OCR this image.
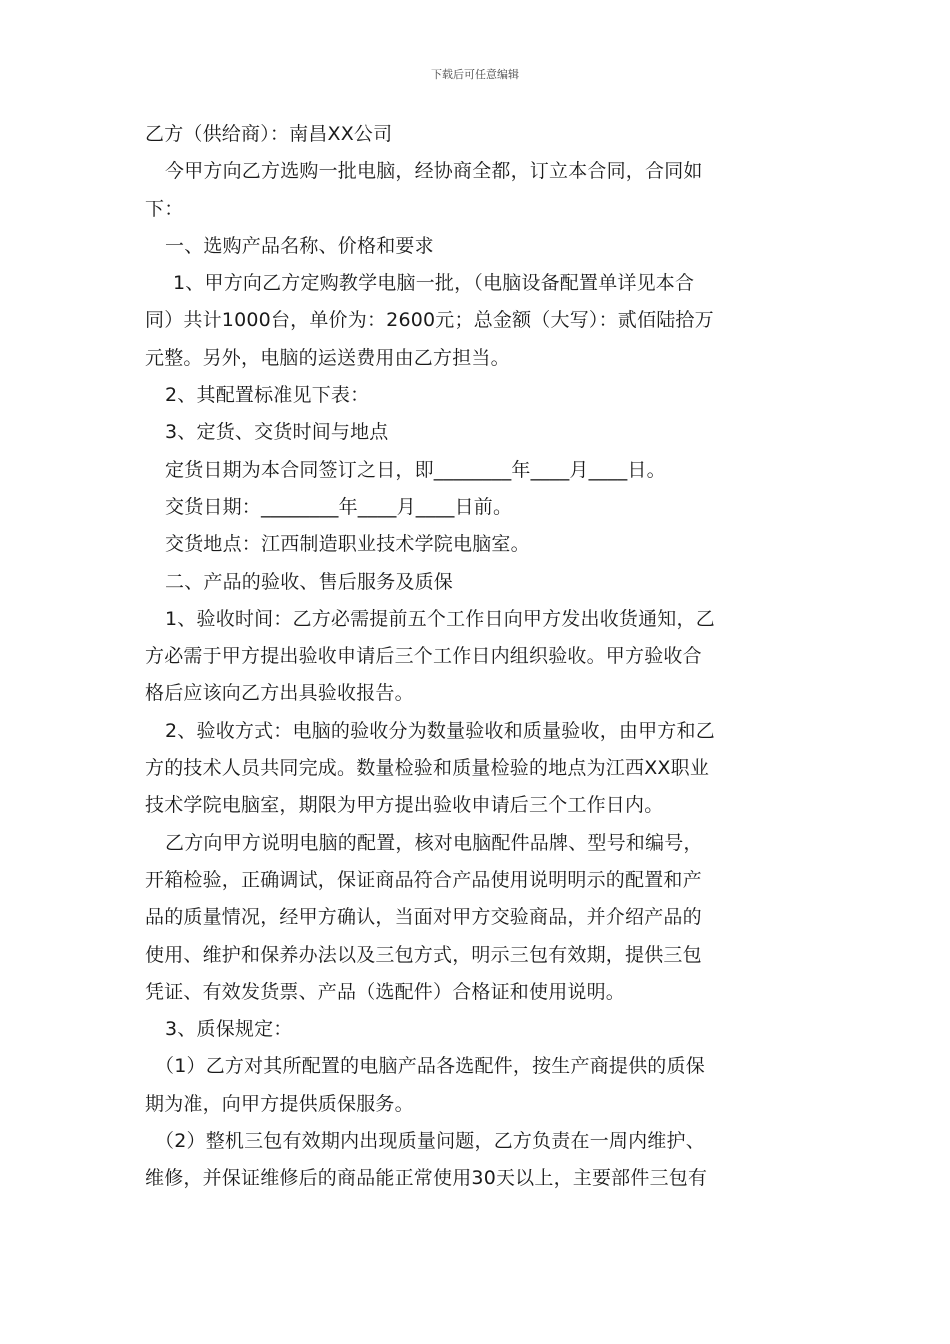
下载后可任意编辑
乙方（供给商）：南昌XX公司
今甲方向乙方选购一批电脑，经协商全都，订立本合同，合同如
下：
一、选购产品名称、价格和要求
1、甲方向乙方定购教学电脑一批，（电脑设备配置单详见本合
同）共计1000台，单价为：2600元；总金额（大写）：贰佰陆拾万
元整。另外，电脑的运送费用由乙方担当。
2、其配置标准见下表：
3、定货、交货时间与地点
定货日期为本合同签订之日，即________年____月____日。
交货日期：________年____月____日前。
交货地点：江西制造职业技术学院电脑室。
二、产品的验收、售后服务及质保
1、验收时间：乙方必需提前五个工作日向甲方发出收货通知，乙
方必需于甲方提出验收申请后三个工作日内组织验收。甲方验收合
格后应该向乙方出具验收报告。
2、验收方式：电脑的验收分为数量验收和质量验收，由甲方和乙
方的技术人员共同完成。数量检验和质量检验的地点为江西XX职业
技术学院电脑室，期限为甲方提出验收申请后三个工作日内。
乙方向甲方说明电脑的配置，核对电脑配件品牌、型号和编号，
开箱检验，正确调试，保证商品符合产品使用说明明示的配置和产
品的质量情况，经甲方确认，当面对甲方交验商品，并介绍产品的
使用、维护和保养办法以及三包方式，明示三包有效期，提供三包
凭证、有效发货票、产品（选配件）合格证和使用说明。
3、质保规定：
（1）乙方对其所配置的电脑产品各选配件，按生产商提供的质保
期为准，向甲方提供质保服务。
（2）整机三包有效期内出现质量问题，乙方负责在一周内维护、
维修，并保证维修后的商品能正常使用30天以上，主要部件三包有
